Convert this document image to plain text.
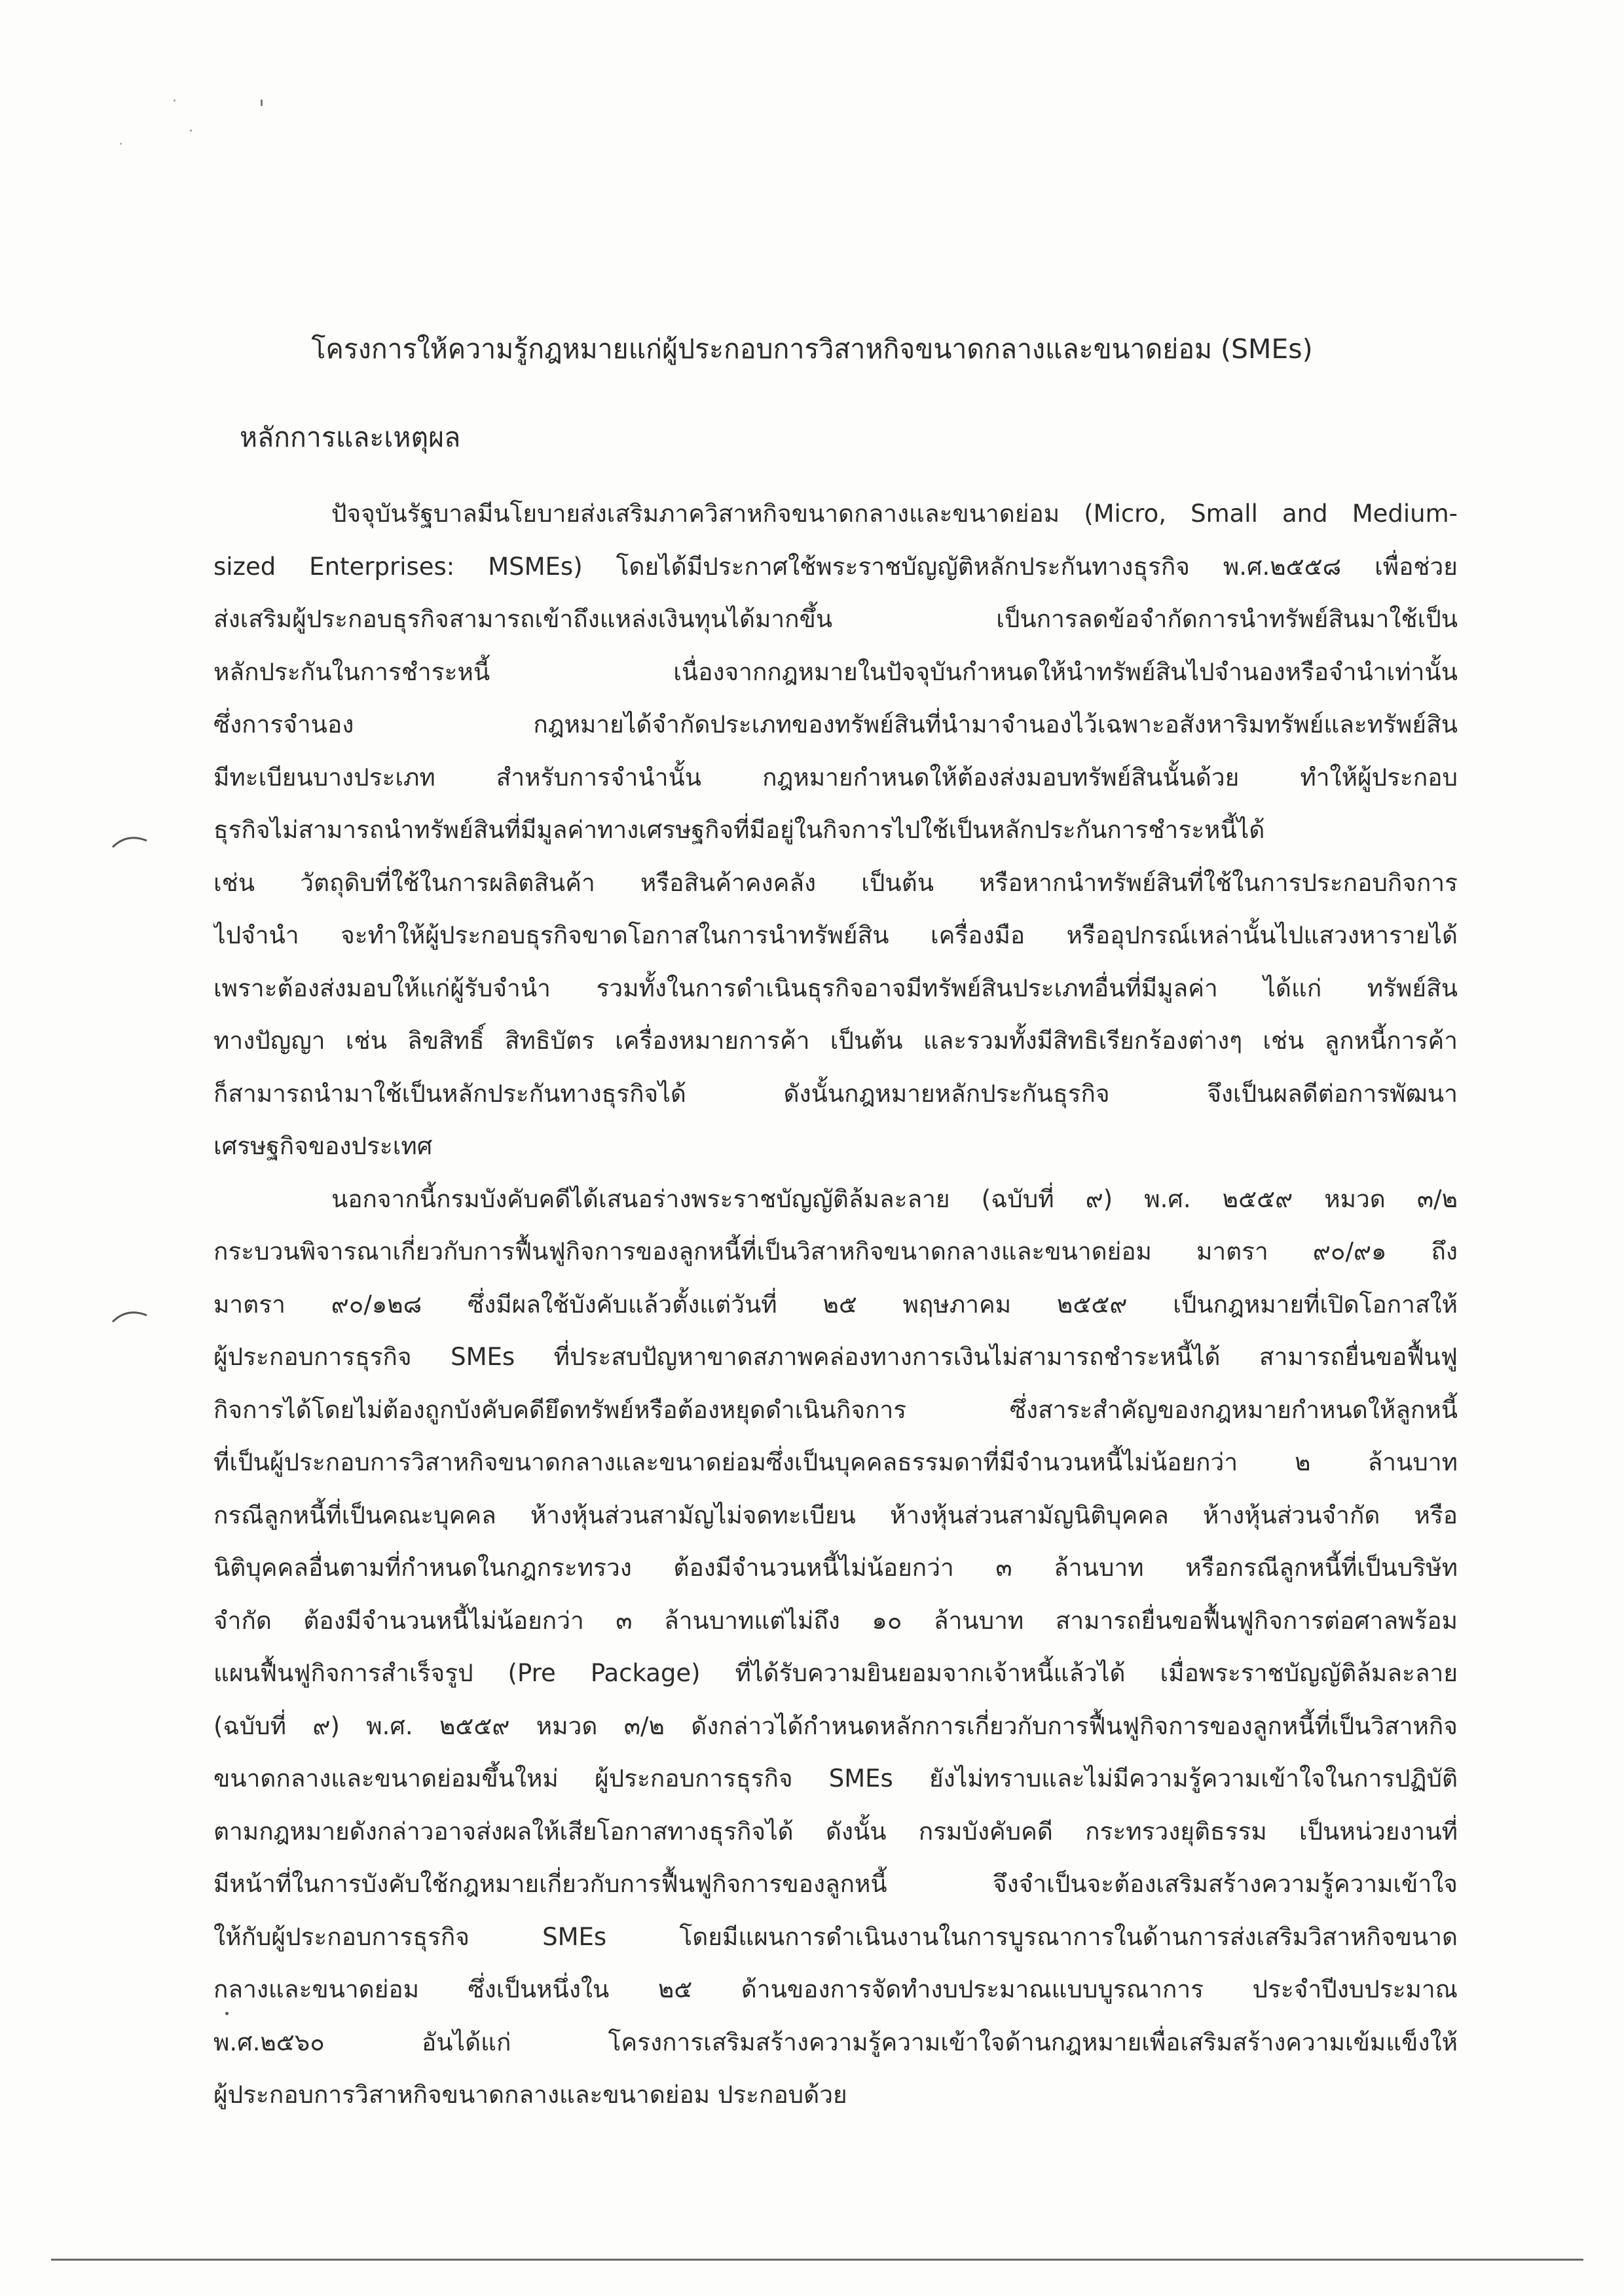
โครงการให้ความรู้กฎหมายแก่ผู้ประกอบการวิสาหกิจขนาดกลางและขนาดย่อม (SMEs)
หลักการและเหตุผล
ปัจจุบันรัฐบาลมีนโยบายส่งเสริมภาควิสาหกิจขนาดกลางและขนาดย่อม (Micro, Small and Medium-
sized Enterprises: MSMEs) โดยได้มีประกาศใช้พระราชบัญญัติหลักประกันทางธุรกิจ พ.ศ.๒๕๕๘ เพื่อช่วย
ส่งเสริมผู้ประกอบธุรกิจสามารถเข้าถึงแหล่งเงินทุนได้มากขึ้น เป็นการลดข้อจำกัดการนำทรัพย์สินมาใช้เป็น
หลักประกันในการชำระหนี้ เนื่องจากกฎหมายในปัจจุบันกำหนดให้นำทรัพย์สินไปจำนองหรือจำนำเท่านั้น
ซึ่งการจำนอง กฎหมายได้จำกัดประเภทของทรัพย์สินที่นำมาจำนองไว้เฉพาะอสังหาริมทรัพย์และทรัพย์สิน
มีทะเบียนบางประเภท สำหรับการจำนำนั้น กฎหมายกำหนดให้ต้องส่งมอบทรัพย์สินนั้นด้วย ทำให้ผู้ประกอบ
ธุรกิจไม่สามารถนำทรัพย์สินที่มีมูลค่าทางเศรษฐกิจที่มีอยู่ในกิจการไปใช้เป็นหลักประกันการชำระหนี้ได้
เช่น วัตถุดิบที่ใช้ในการผลิตสินค้า หรือสินค้าคงคลัง เป็นต้น หรือหากนำทรัพย์สินที่ใช้ในการประกอบกิจการ
ไปจำนำ จะทำให้ผู้ประกอบธุรกิจขาดโอกาสในการนำทรัพย์สิน เครื่องมือ หรืออุปกรณ์เหล่านั้นไปแสวงหารายได้
เพราะต้องส่งมอบให้แก่ผู้รับจำนำ รวมทั้งในการดำเนินธุรกิจอาจมีทรัพย์สินประเภทอื่นที่มีมูลค่า ได้แก่ ทรัพย์สิน
ทางปัญญา เช่น ลิขสิทธิ์ สิทธิบัตร เครื่องหมายการค้า เป็นต้น และรวมทั้งมีสิทธิเรียกร้องต่างๆ เช่น ลูกหนี้การค้า
ก็สามารถนำมาใช้เป็นหลักประกันทางธุรกิจได้ ดังนั้นกฎหมายหลักประกันธุรกิจ จึงเป็นผลดีต่อการพัฒนา
เศรษฐกิจของประเทศ
นอกจากนี้กรมบังคับคดีได้เสนอร่างพระราชบัญญัติล้มละลาย (ฉบับที่ ๙) พ.ศ. ๒๕๕๙ หมวด ๓/๒
กระบวนพิจารณาเกี่ยวกับการฟื้นฟูกิจการของลูกหนี้ที่เป็นวิสาหกิจขนาดกลางและขนาดย่อม มาตรา ๙๐/๙๑ ถึง
มาตรา ๙๐/๑๒๘ ซึ่งมีผลใช้บังคับแล้วตั้งแต่วันที่ ๒๕ พฤษภาคม ๒๕๕๙ เป็นกฎหมายที่เปิดโอกาสให้
ผู้ประกอบการธุรกิจ SMEs ที่ประสบปัญหาขาดสภาพคล่องทางการเงินไม่สามารถชำระหนี้ได้ สามารถยื่นขอฟื้นฟู
กิจการได้โดยไม่ต้องถูกบังคับคดียึดทรัพย์หรือต้องหยุดดำเนินกิจการ ซึ่งสาระสำคัญของกฎหมายกำหนดให้ลูกหนี้
ที่เป็นผู้ประกอบการวิสาหกิจขนาดกลางและขนาดย่อมซึ่งเป็นบุคคลธรรมดาที่มีจำนวนหนี้ไม่น้อยกว่า ๒ ล้านบาท
กรณีลูกหนี้ที่เป็นคณะบุคคล ห้างหุ้นส่วนสามัญไม่จดทะเบียน ห้างหุ้นส่วนสามัญนิติบุคคล ห้างหุ้นส่วนจำกัด หรือ
นิติบุคคลอื่นตามที่กำหนดในกฎกระทรวง ต้องมีจำนวนหนี้ไม่น้อยกว่า ๓ ล้านบาท หรือกรณีลูกหนี้ที่เป็นบริษัท
จำกัด ต้องมีจำนวนหนี้ไม่น้อยกว่า ๓ ล้านบาทแต่ไม่ถึง ๑๐ ล้านบาท สามารถยื่นขอฟื้นฟูกิจการต่อศาลพร้อม
แผนฟื้นฟูกิจการสำเร็จรูป (Pre Package) ที่ได้รับความยินยอมจากเจ้าหนี้แล้วได้ เมื่อพระราชบัญญัติล้มละลาย
(ฉบับที่ ๙) พ.ศ. ๒๕๕๙ หมวด ๓/๒ ดังกล่าวได้กำหนดหลักการเกี่ยวกับการฟื้นฟูกิจการของลูกหนี้ที่เป็นวิสาหกิจ
ขนาดกลางและขนาดย่อมขึ้นใหม่ ผู้ประกอบการธุรกิจ SMEs ยังไม่ทราบและไม่มีความรู้ความเข้าใจในการปฏิบัติ
ตามกฎหมายดังกล่าวอาจส่งผลให้เสียโอกาสทางธุรกิจได้ ดังนั้น กรมบังคับคดี กระทรวงยุติธรรม เป็นหน่วยงานที่
มีหน้าที่ในการบังคับใช้กฎหมายเกี่ยวกับการฟื้นฟูกิจการของลูกหนี้ จึงจำเป็นจะต้องเสริมสร้างความรู้ความเข้าใจ
ให้กับผู้ประกอบการธุรกิจ SMEs โดยมีแผนการดำเนินงานในการบูรณาการในด้านการส่งเสริมวิสาหกิจขนาด
กลางและขนาดย่อม ซึ่งเป็นหนึ่งใน ๒๕ ด้านของการจัดทำงบประมาณแบบบูรณาการ ประจำปีงบประมาณ
พ.ศ.๒๕๖๐ อันได้แก่ โครงการเสริมสร้างความรู้ความเข้าใจด้านกฎหมายเพื่อเสริมสร้างความเข้มแข็งให้
ผู้ประกอบการวิสาหกิจขนาดกลางและขนาดย่อม ประกอบด้วย
